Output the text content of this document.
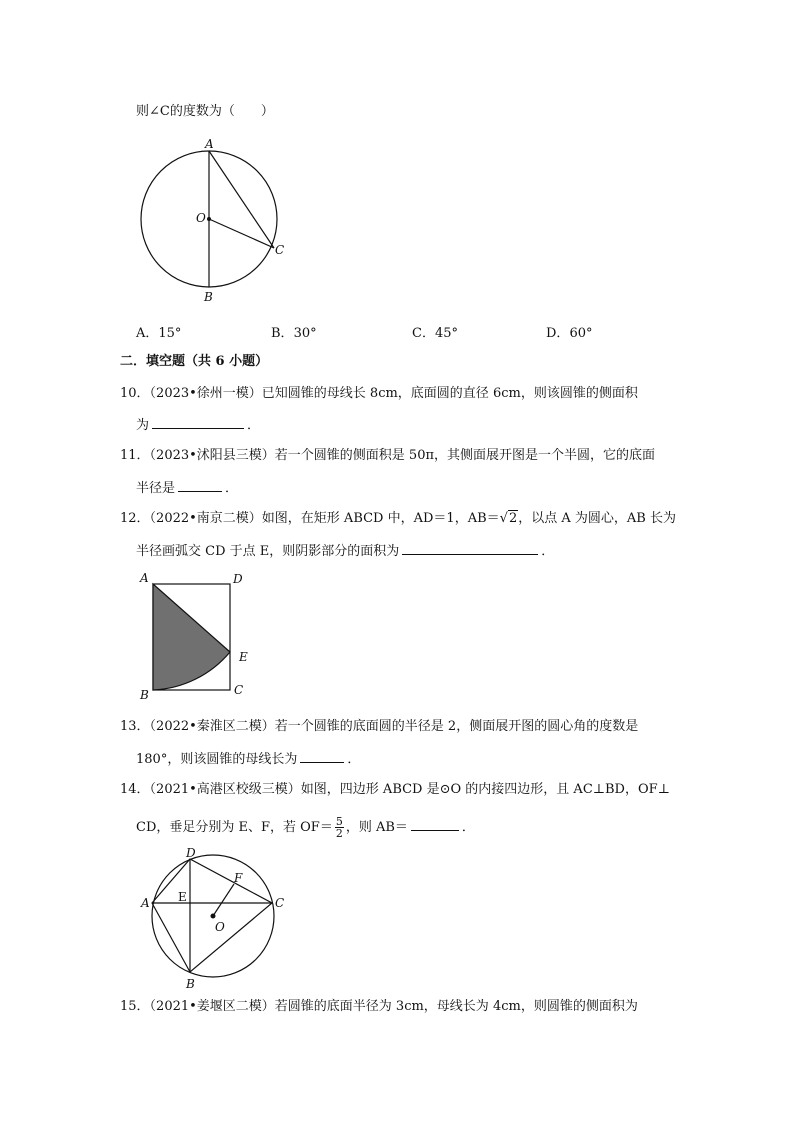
则∠C的度数为（　　）
A
O
C
B
A．15°	B．30°	C．45°	D．60°
二．填空题（共 6 小题）
10．（2023•徐州一模）已知圆锥的母线长 8cm，底面圆的直径 6cm，则该圆锥的侧面积
为	．
11．（2023•沭阳县三模）若一个圆锥的侧面积是 50π，其侧面展开图是一个半圆，它的底面
半径是	．
12．（2022•南京二模）如图，在矩形 ABCD 中，AD＝1，AB＝√2，以点 A 为圆心，AB 长为
半径画弧交 CD 于点 E，则阴影部分的面积为	．
A	D
E
B	C
13．（2022•秦淮区二模）若一个圆锥的底面圆的半径是 2，侧面展开图的圆心角的度数是
180°，则该圆锥的母线长为	．
14．（2021•高港区校级三模）如图，四边形 ABCD 是⊙O 的内接四边形，且 AC⊥BD，OF⊥
CD，垂足分别为 E、F，若 $OF= \frac{5}{2}$ ，则 AB＝	．
D
F
A E	C
O
B
15．（2021•姜堰区二模）若圆锥的底面半径为 3cm，母线长为 4cm，则圆锥的侧面积为
